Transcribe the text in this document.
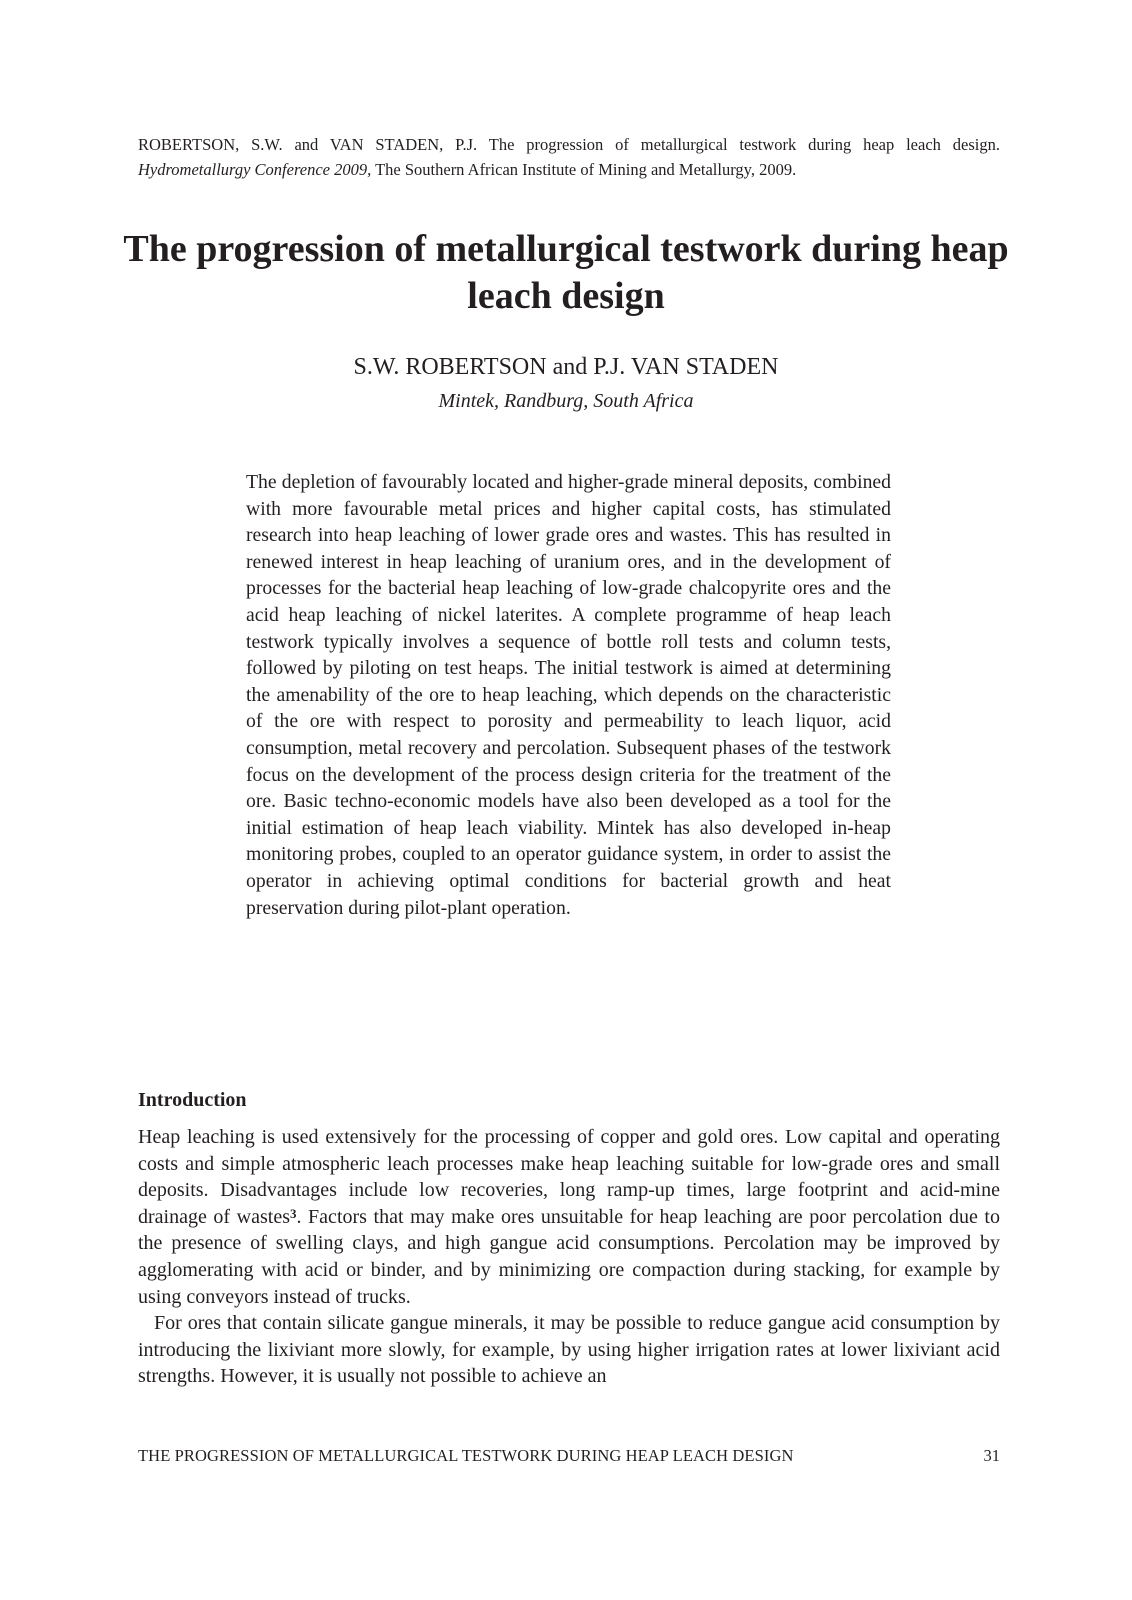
ROBERTSON, S.W. and VAN STADEN, P.J. The progression of metallurgical testwork during heap leach design. Hydrometallurgy Conference 2009, The Southern African Institute of Mining and Metallurgy, 2009.
The progression of metallurgical testwork during heap leach design
S.W. ROBERTSON and P.J. VAN STADEN
Mintek, Randburg, South Africa

The depletion of favourably located and higher-grade mineral deposits, combined with more favourable metal prices and higher capital costs, has stimulated research into heap leaching of lower grade ores and wastes. This has resulted in renewed interest in heap leaching of uranium ores, and in the development of processes for the bacterial heap leaching of low-grade chalcopyrite ores and the acid heap leaching of nickel laterites. A complete programme of heap leach testwork typically involves a sequence of bottle roll tests and column tests, followed by piloting on test heaps. The initial testwork is aimed at determining the amenability of the ore to heap leaching, which depends on the characteristic of the ore with respect to porosity and permeability to leach liquor, acid consumption, metal recovery and percolation. Subsequent phases of the testwork focus on the development of the process design criteria for the treatment of the ore. Basic techno-economic models have also been developed as a tool for the initial estimation of heap leach viability. Mintek has also developed in-heap monitoring probes, coupled to an operator guidance system, in order to assist the operator in achieving optimal conditions for bacterial growth and heat preservation during pilot-plant operation.

Introduction

Heap leaching is used extensively for the processing of copper and gold ores. Low capital and operating costs and simple atmospheric leach processes make heap leaching suitable for low-grade ores and small deposits. Disadvantages include low recoveries, long ramp-up times, large footprint and acid-mine drainage of wastes$^3$. Factors that may make ores unsuitable for heap leaching are poor percolation due to the presence of swelling clays, and high gangue acid consumptions. Percolation may be improved by agglomerating with acid or binder, and by minimizing ore compaction during stacking, for example by using conveyors instead of trucks.

For ores that contain silicate gangue minerals, it may be possible to reduce gangue acid consumption by introducing the lixiviant more slowly, for example, by using higher irrigation rates at lower lixiviant acid strengths. However, it is usually not possible to achieve an

THE PROGRESSION OF METALLURGICAL TESTWORK DURING HEAP LEACH DESIGN	31
